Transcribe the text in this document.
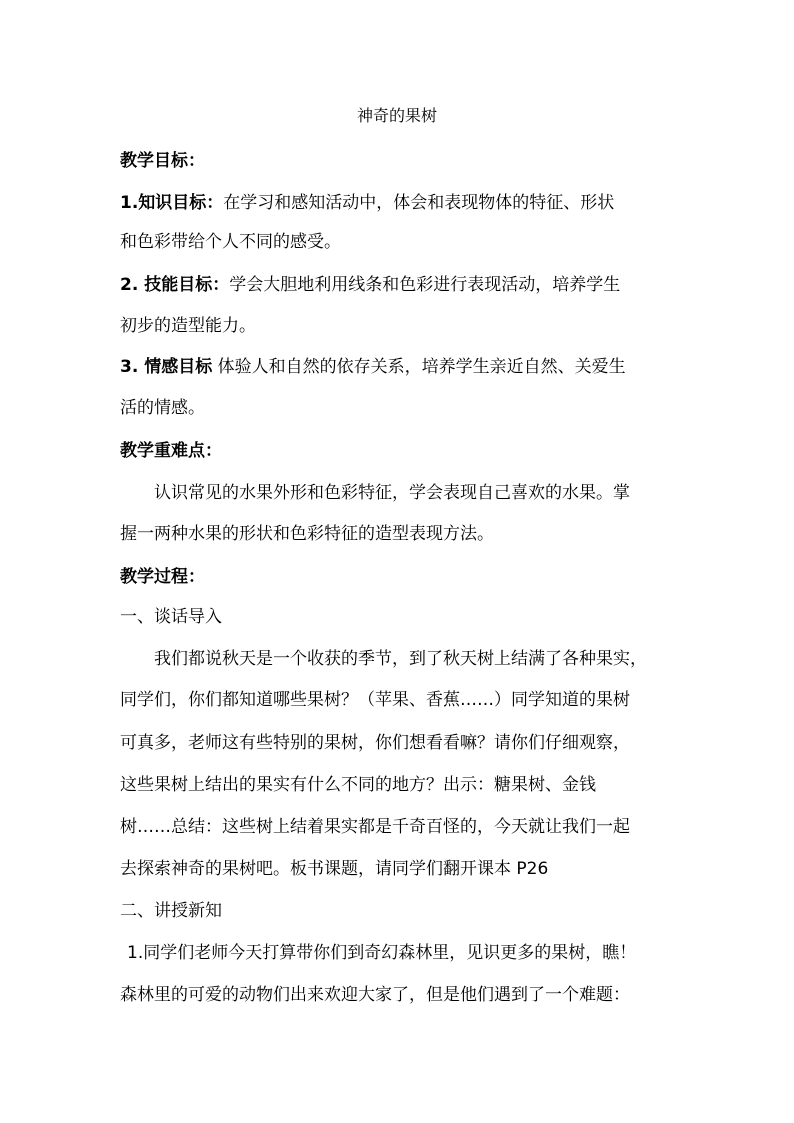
神奇的果树
教学目标：
1.知识目标：在学习和感知活动中，体会和表现物体的特征、形状
和色彩带给个人不同的感受。
2. 技能目标：学会大胆地利用线条和色彩进行表现活动，培养学生
初步的造型能力。
3. 情感目标 体验人和自然的依存关系，培养学生亲近自然、关爱生
活的情感。
教学重难点：
认识常见的水果外形和色彩特征，学会表现自己喜欢的水果。掌
握一两种水果的形状和色彩特征的造型表现方法。
教学过程：
一、谈话导入
我们都说秋天是一个收获的季节，到了秋天树上结满了各种果实，
同学们，你们都知道哪些果树？（苹果、香蕉……）同学知道的果树
可真多，老师这有些特别的果树，你们想看看嘛？请你们仔细观察，
这些果树上结出的果实有什么不同的地方？出示：糖果树、金钱
树……总结：这些树上结着果实都是千奇百怪的，今天就让我们一起
去探索神奇的果树吧。板书课题，请同学们翻开课本 P26
二、讲授新知
1.同学们老师今天打算带你们到奇幻森林里，见识更多的果树，瞧！
森林里的可爱的动物们出来欢迎大家了，但是他们遇到了一个难题：
